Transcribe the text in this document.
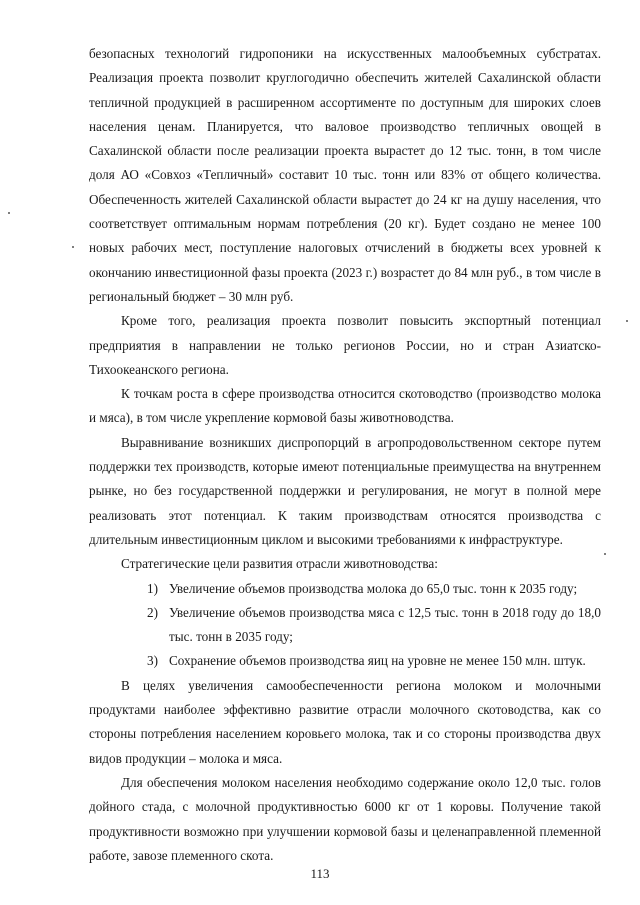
безопасных технологий гидропоники на искусственных малообъемных субстратах. Реализация проекта позволит круглогодично обеспечить жителей Сахалинской области тепличной продукцией в расширенном ассортименте по доступным для широких слоев населения ценам. Планируется, что валовое производство тепличных овощей в Сахалинской области после реализации проекта вырастет до 12 тыс. тонн, в том числе доля АО «Совхоз «Тепличный» составит 10 тыс. тонн или 83% от общего количества. Обеспеченность жителей Сахалинской области вырастет до 24 кг на душу населения, что соответствует оптимальным нормам потребления (20 кг). Будет создано не менее 100 новых рабочих мест, поступление налоговых отчислений в бюджеты всех уровней к окончанию инвестиционной фазы проекта (2023 г.) возрастет до 84 млн руб., в том числе в региональный бюджет – 30 млн руб.

Кроме того, реализация проекта позволит повысить экспортный потенциал предприятия в направлении не только регионов России, но и стран Азиатско-Тихоокеанского региона.

К точкам роста в сфере производства относится скотоводство (производство молока и мяса), в том числе укрепление кормовой базы животноводства.

Выравнивание возникших диспропорций в агропродовольственном секторе путем поддержки тех производств, которые имеют потенциальные преимущества на внутреннем рынке, но без государственной поддержки и регулирования, не могут в полной мере реализовать этот потенциал. К таким производствам относятся производства с длительным инвестиционным циклом и высокими требованиями к инфраструктуре.

Стратегические цели развития отрасли животноводства:

1) Увеличение объемов производства молока до 65,0 тыс. тонн к 2035 году;
2) Увеличение объемов производства мяса с 12,5 тыс. тонн в 2018 году до 18,0 тыс. тонн в 2035 году;
3) Сохранение объемов производства яиц на уровне не менее 150 млн. штук.

В целях увеличения самообеспеченности региона молоком и молочными продуктами наиболее эффективно развитие отрасли молочного скотоводства, как со стороны потребления населением коровьего молока, так и со стороны производства двух видов продукции – молока и мяса.

Для обеспечения молоком населения необходимо содержание около 12,0 тыс. голов дойного стада, с молочной продуктивностью 6000 кг от 1 коровы. Получение такой продуктивности возможно при улучшении кормовой базы и целенаправленной племенной работе, завозе племенного скота.

113
